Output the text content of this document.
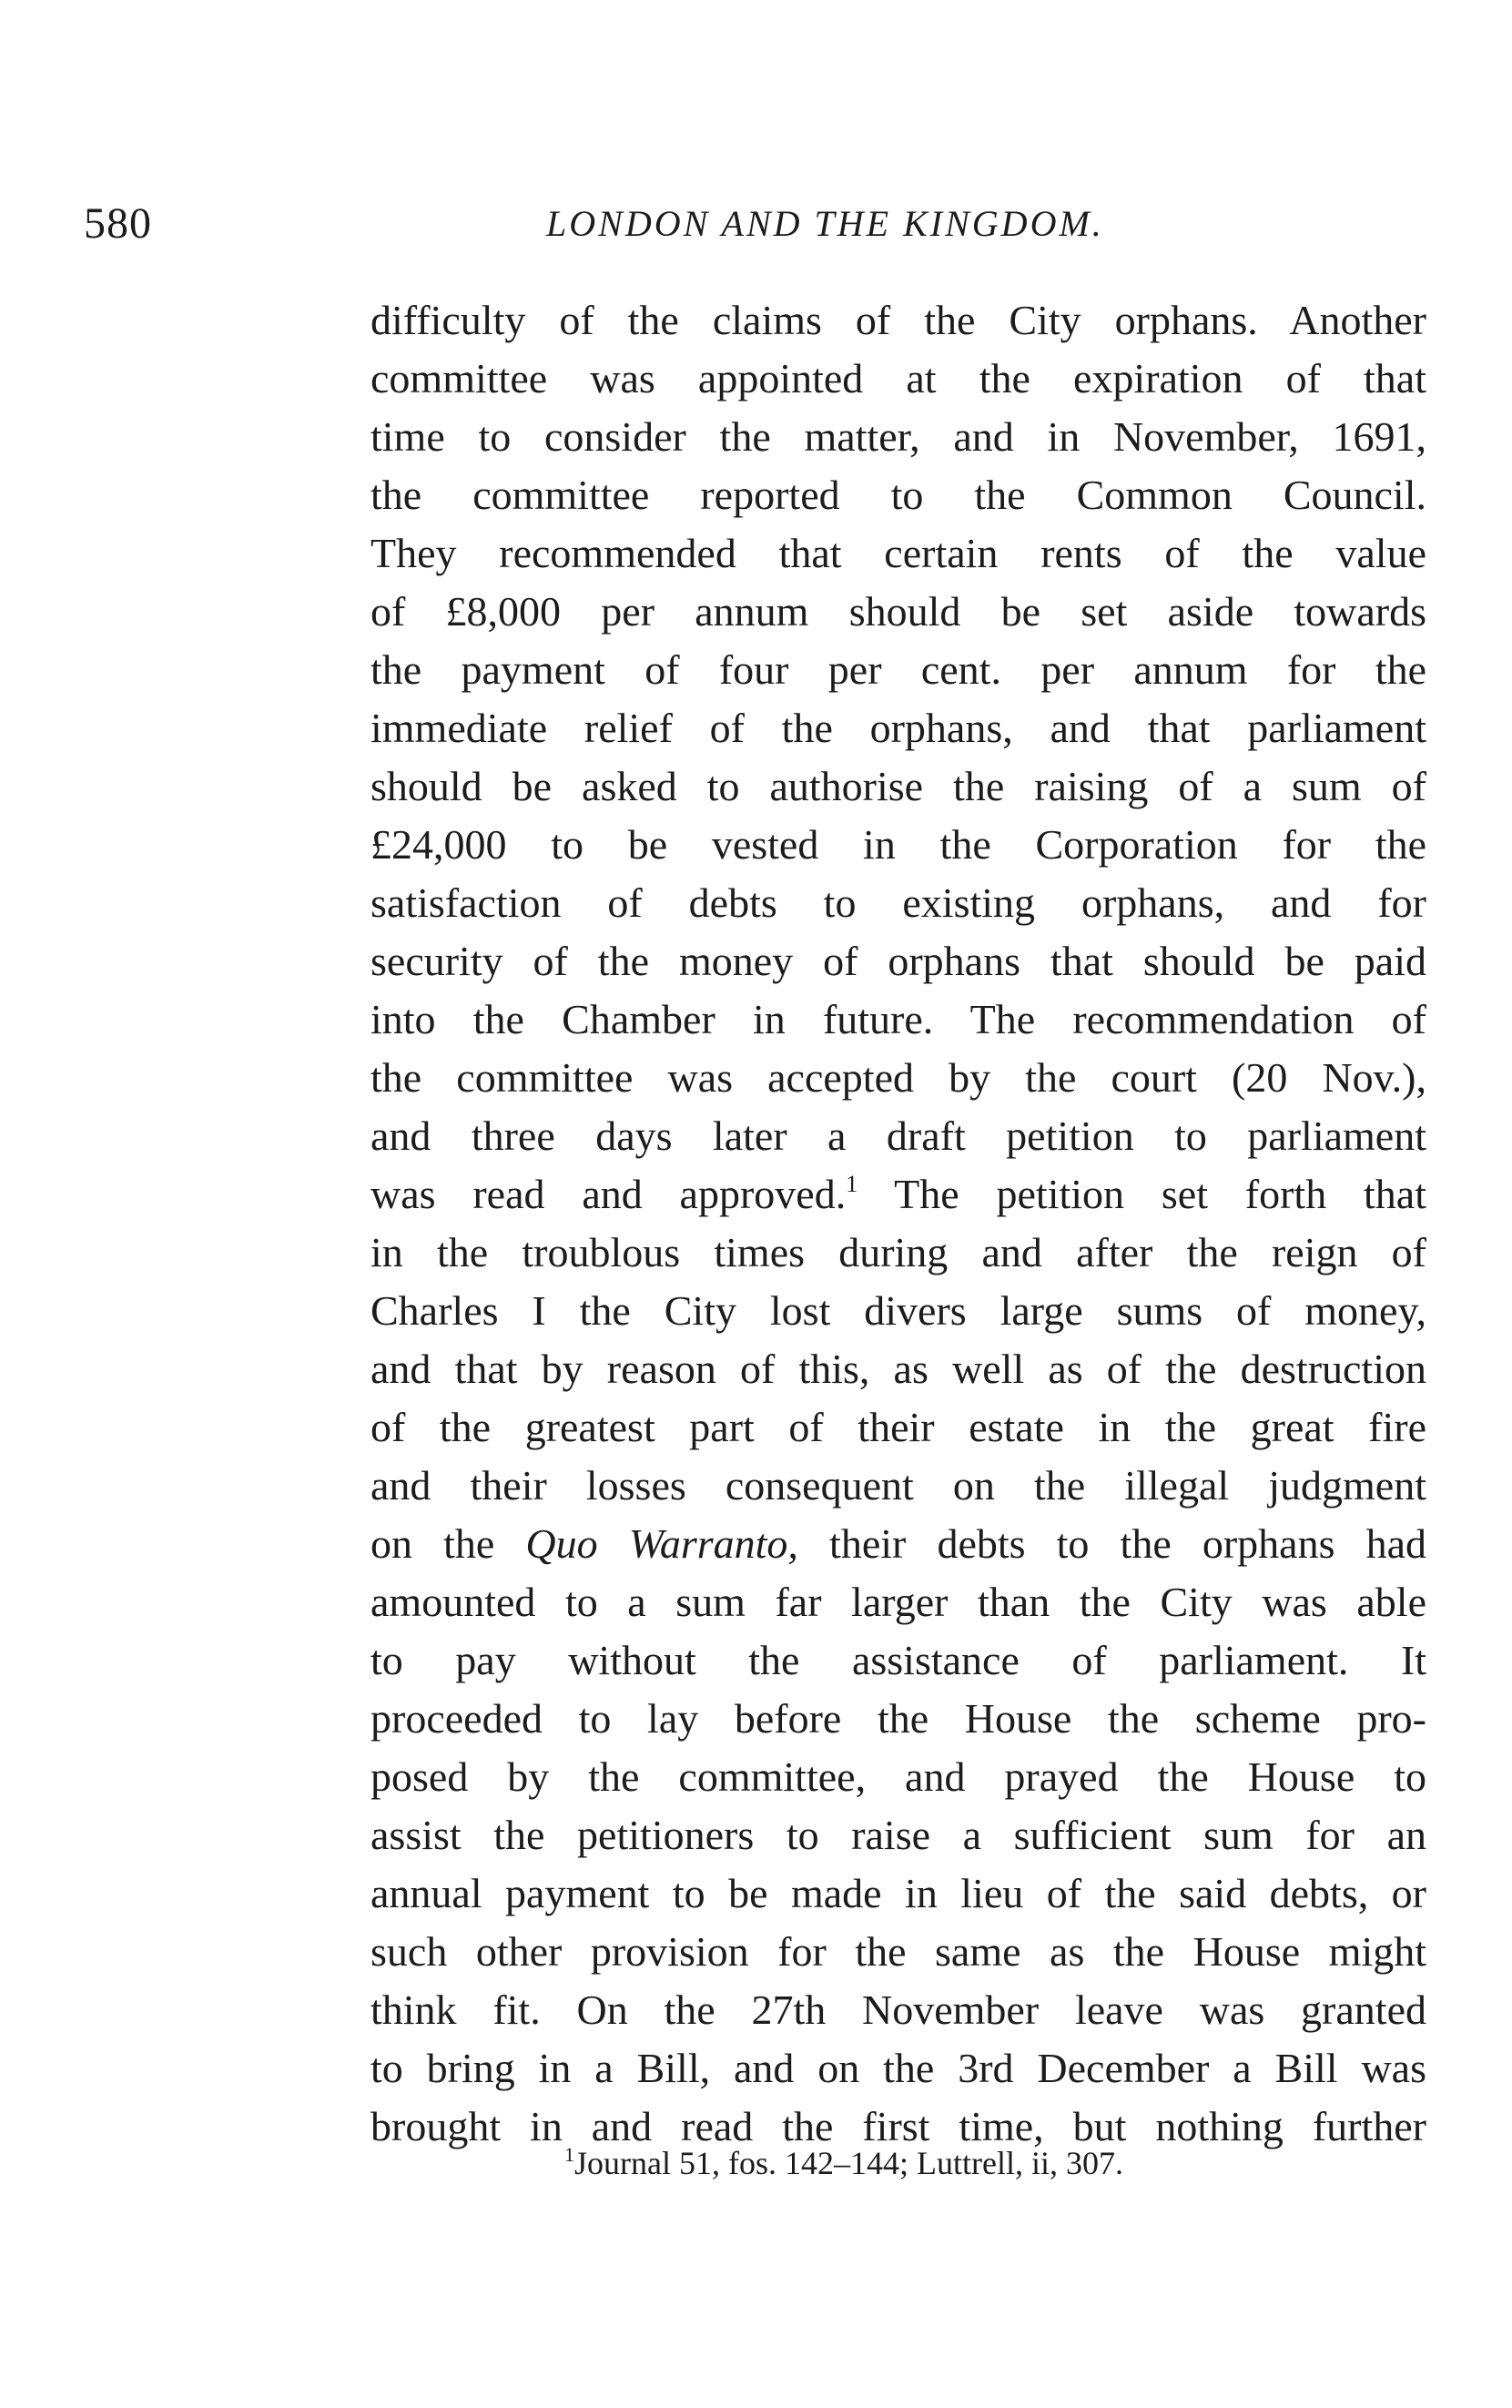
580	LONDON AND THE KINGDOM.
difficulty of the claims of the City orphans. Another
committee was appointed at the expiration of that
time to consider the matter, and in November, 1691,
the committee reported to the Common Council.
They recommended that certain rents of the value
of £8,000 per annum should be set aside towards
the payment of four per cent. per annum for the
immediate relief of the orphans, and that parliament
should be asked to authorise the raising of a sum of
£24,000 to be vested in the Corporation for the
satisfaction of debts to existing orphans, and for
security of the money of orphans that should be paid
into the Chamber in future. The recommendation of
the committee was accepted by the court (20 Nov.),
and three days later a draft petition to parliament
was read and approved.$^1$ The petition set forth that
in the troublous times during and after the reign of
Charles I the City lost divers large sums of money,
and that by reason of this, as well as of the destruction
of the greatest part of their estate in the great fire
and their losses consequent on the illegal judgment
on the Quo Warranto, their debts to the orphans had
amounted to a sum far larger than the City was able
to pay without the assistance of parliament. It
proceeded to lay before the House the scheme pro-
posed by the committee, and prayed the House to
assist the petitioners to raise a sufficient sum for an
annual payment to be made in lieu of the said debts, or
such other provision for the same as the House might
think fit. On the 27th November leave was granted
to bring in a Bill, and on the 3rd December a Bill was
brought in and read the first time, but nothing further
$^1$Journal 51, fos. 142–144; Luttrell, ii, 307.
